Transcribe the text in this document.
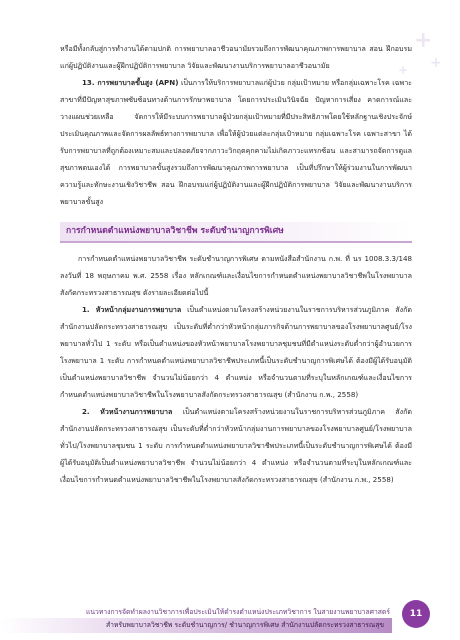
+
+
+

หรือมีทั้งกลับสู่การทำงานได้ตามปกติ การพยาบาลอาชีวอนามัยรวมถึงการพัฒนาคุณภาพการพยาบาล สอน ฝึกอบรมแก่ผู้ปฏิบัติงานและผู้ฝึกปฏิบัติการพยาบาล วิจัยและพัฒนางานบริการพยาบาลอาชีวอนามัย

13. การพยาบาลขั้นสูง (APN) เป็นการให้บริการพยาบาลแก่ผู้ป่วย กลุ่มเป้าหมาย หรือกลุ่มเฉพาะโรค เฉพาะสาขาที่มีปัญหาสุขภาพซับซ้อนทางด้านการรักษาพยาบาล โดยการประเมินวินิจฉัย ปัญหาการเสี่ยง คาดการณ์และวางแผนช่วยเหลือ จัดการให้มีระบบการพยาบาลผู้ป่วยกลุ่มเป้าหมายที่มีประสิทธิภาพโดยใช้หลักฐานเชิงประจักษ์ ประเมินคุณภาพและจัดการผลลัพธ์ทางการพยาบาล เพื่อให้ผู้ป่วยแต่ละกลุ่มเป้าหมาย กลุ่มเฉพาะโรค เฉพาะสาขา ได้รับการพยาบาลที่ถูกต้องเหมาะสมและปลอดภัยจากภาวะวิกฤตคุกคามไม่เกิดภาวะแทรกซ้อน และสามารถจัดการดูแลสุขภาพตนเองได้ การพยาบาลขั้นสูงรวมถึงการพัฒนาคุณภาพการพยาบาล เป็นที่ปรึกษาให้ผู้ร่วมงานในการพัฒนาความรู้และทักษะงานเชิงวิชาชีพ สอน ฝึกอบรมแก่ผู้ปฏิบัติงานและผู้ฝึกปฏิบัติการพยาบาล วิจัยและพัฒนางานบริการพยาบาลขั้นสูง

การกำหนดตำแหน่งพยาบาลวิชาชีพ ระดับชำนาญการพิเศษ

การกำหนดตำแหน่งพยาบาลวิชาชีพ ระดับชำนาญการพิเศษ ตามหนังสือสำนักงาน ก.พ. ที่ นร 1008.3.3/148 ลงวันที่ 18 พฤษภาคม พ.ศ. 2558 เรื่อง หลักเกณฑ์และเงื่อนไขการกำหนดตำแหน่งพยาบาลวิชาชีพในโรงพยาบาลสังกัดกระทรวงสาธารณสุข ดังรายละเอียดต่อไปนี้

1. หัวหน้ากลุ่มงานการพยาบาล เป็นตำแหน่งตามโครงสร้างหน่วยงานในราชการบริหารส่วนภูมิภาค สังกัดสำนักงานปลัดกระทรวงสาธารณสุข เป็นระดับที่ต่ำกว่าหัวหน้ากลุ่มภารกิจด้านการพยาบาลของโรงพยาบาลศูนย์/โรงพยาบาลทั่วไป 1 ระดับ หรือเป็นตำแหน่งของหัวหน้าพยาบาลโรงพยาบาลชุมชนที่มีตำแหน่งระดับต่ำกว่าผู้อำนวยการโรงพยาบาล 1 ระดับ การกำหนดตำแหน่งพยาบาลวิชาชีพประเภทนี้เป็นระดับชำนาญการพิเศษได้ ต้องมีผู้ได้รับอนุมัติเป็นตำแหน่งพยาบาลวิชาชีพ จำนวนไม่น้อยกว่า 4 ตำแหน่ง หรือจำนวนตามที่ระบุในหลักเกณฑ์และเงื่อนไขการกำหนดตำแหน่งพยาบาลวิชาชีพในโรงพยาบาลสังกัดกระทรวงสาธารณสุข (สำนักงาน ก.พ., 2558)

2. หัวหน้างานการพยาบาล เป็นตำแหน่งตามโครงสร้างหน่วยงานในราชการบริหารส่วนภูมิภาค สังกัดสำนักงานปลัดกระทรวงสาธารณสุข เป็นระดับที่ต่ำกว่าหัวหน้ากลุ่มงานการพยาบาลของโรงพยาบาลศูนย์/โรงพยาบาลทั่วไป/โรงพยาบาลชุมชน 1 ระดับ การกำหนดตำแหน่งพยาบาลวิชาชีพประเภทนี้เป็นระดับชำนาญการพิเศษได้ ต้องมีผู้ได้รับอนุมัติเป็นตำแหน่งพยาบาลวิชาชีพ จำนวนไม่น้อยกว่า 4 ตำแหน่ง หรือจำนวนตามที่ระบุในหลักเกณฑ์และเงื่อนไขการกำหนดตำแหน่งพยาบาลวิชาชีพในโรงพยาบาลสังกัดกระทรวงสาธารณสุข (สำนักงาน ก.พ., 2558)

แนวทางการจัดทำผลงานวิชาการเพื่อประเมินให้ดำรงตำแหน่งประเภทวิชาการ ในสายงานพยาบาลศาสตร์
สำหรับพยาบาลวิชาชีพ ระดับชำนาญการ/ ชำนาญการพิเศษ สำนักงานปลัดกระทรวงสาธารณสุข
11
